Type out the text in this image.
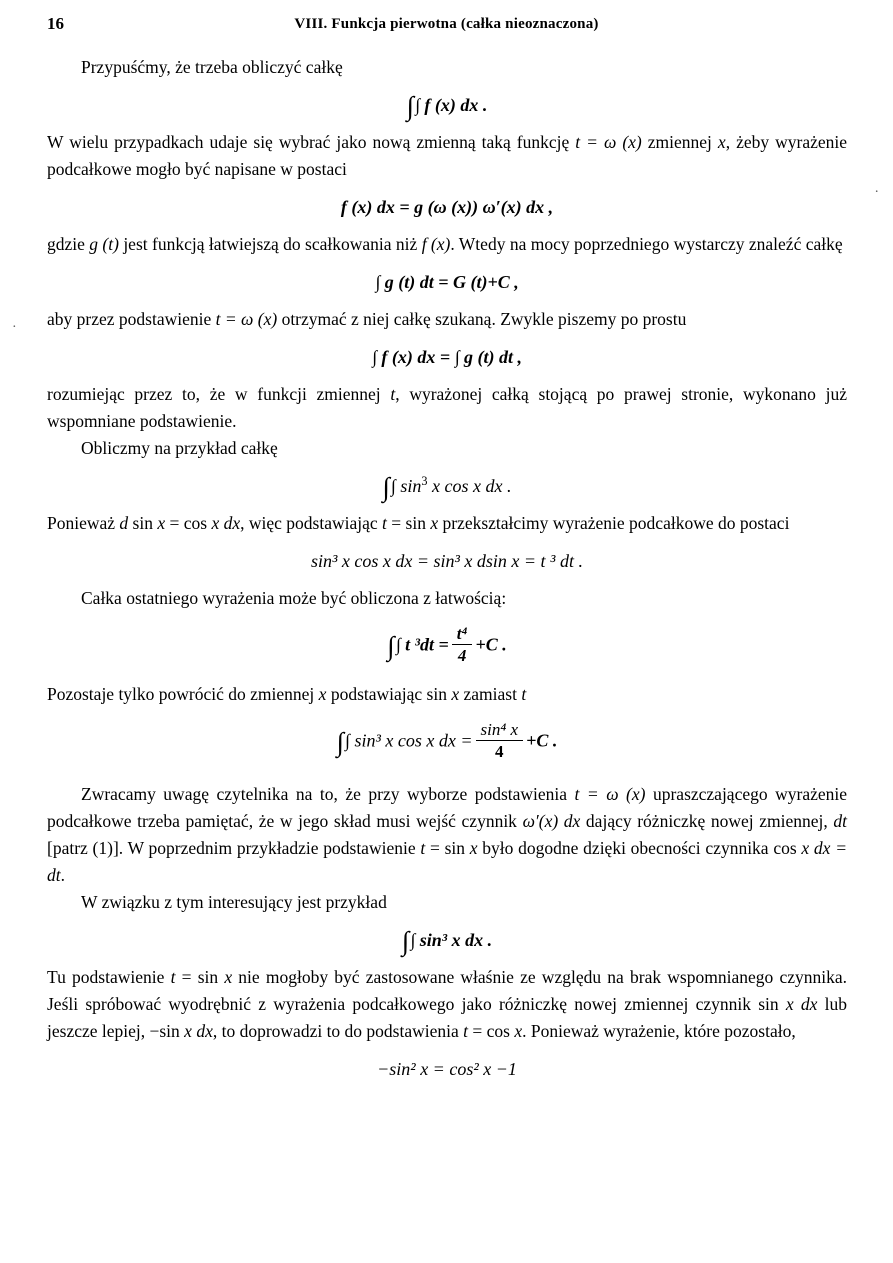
16	VIII. Funkcja pierwotna (całka nieoznaczona)
·
·

Przypuśćmy, że trzeba obliczyć całkę

∫∫ f (x) dx .

W wielu przypadkach udaje się wybrać jako nową zmienną taką funkcję t = ω (x) zmiennej x, żeby wyrażenie podcałkowe mogło być napisane w postaci

f (x) dx = g (ω (x)) ω′(x) dx ,

gdzie g (t) jest funkcją łatwiejszą do scałkowania niż f (x). Wtedy na mocy poprzedniego wystarczy znaleźć całkę

∫ g (t) dt = G (t)+C ,

aby przez podstawienie t = ω (x) otrzymać z niej całkę szukaną. Zwykle piszemy po prostu

∫ f (x) dx = ∫ g (t) dt ,

rozumiejąc przez to, że w funkcji zmiennej t, wyrażonej całką stojącą po prawej stronie, wykonano już wspomniane podstawienie.

Obliczmy na przykład całkę

∫∫ $\sin^3 x$ cos x dx .

Ponieważ d sin x = cos x dx, więc podstawiając t = sin x przekształcimy wyrażenie podcałkowe do postaci

sin³ x cos x dx = sin³ x dsin x = t ³ dt .

Całka ostatniego wyrażenia może być obliczona z łatwością:

∫∫ t $^3dt = \frac{\text{t⁴}}{4} +C$ .

Pozostaje tylko powrócić do zmiennej x podstawiając sin x zamiast t

∫∫ sin³ x cos x dx = $\frac{\text{sin⁴ x}}{4} +C$ .

Zwracamy uwagę czytelnika na to, że przy wyborze podstawienia t = ω (x) upraszczającego wyrażenie podcałkowe trzeba pamiętać, że w jego skład musi wejść czynnik ω′(x) dx dający różniczkę nowej zmiennej, dt [patrz (1)]. W poprzednim przykładzie podstawienie t = sin x było dogodne dzięki obecności czynnika cos x dx = dt.

W związku z tym interesujący jest przykład

∫∫ sin³ x dx .

Tu podstawienie t = sin x nie mogłoby być zastosowane właśnie ze względu na brak wspomnianego czynnika. Jeśli spróbować wyodrębnić z wyrażenia podcałkowego jako różniczkę nowej zmiennej czynnik sin x dx lub jeszcze lepiej, −sin x dx, to doprowadzi to do podstawienia t = cos x. Ponieważ wyrażenie, które pozostało,

−sin² x = cos² x −1
